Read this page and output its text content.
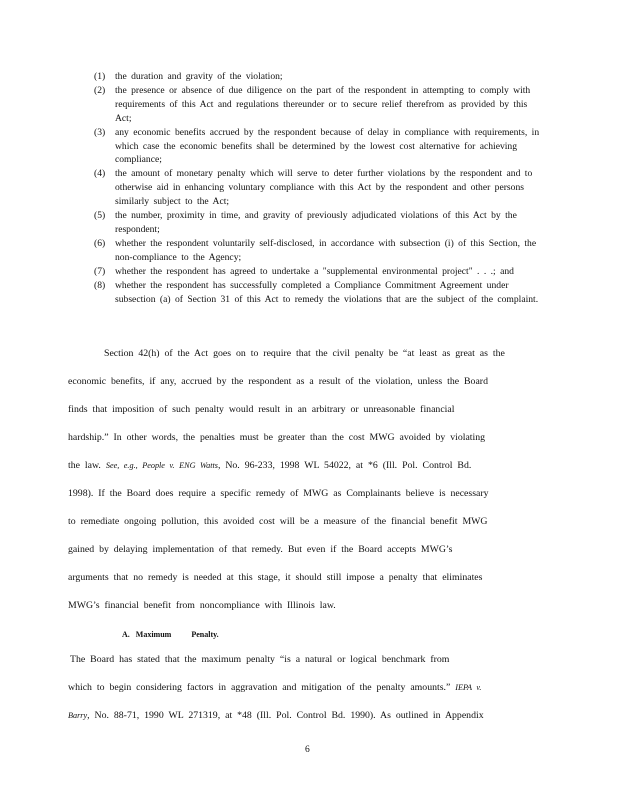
(1) the duration and gravity of the violation;
(2) the presence or absence of due diligence on the part of the respondent in attempting to comply with requirements of this Act and regulations thereunder or to secure relief therefrom as provided by this Act;
(3) any economic benefits accrued by the respondent because of delay in compliance with requirements, in which case the economic benefits shall be determined by the lowest cost alternative for achieving compliance;
(4) the amount of monetary penalty which will serve to deter further violations by the respondent and to otherwise aid in enhancing voluntary compliance with this Act by the respondent and other persons similarly subject to the Act;
(5) the number, proximity in time, and gravity of previously adjudicated violations of this Act by the respondent;
(6) whether the respondent voluntarily self-disclosed, in accordance with subsection (i) of this Section, the non-compliance to the Agency;
(7) whether the respondent has agreed to undertake a "supplemental environmental project" . . .; and
(8) whether the respondent has successfully completed a Compliance Commitment Agreement under subsection (a) of Section 31 of this Act to remedy the violations that are the subject of the complaint.
Section 42(h) of the Act goes on to require that the civil penalty be “at least as great as the
economic benefits, if any, accrued by the respondent as a result of the violation, unless the Board
finds that imposition of such penalty would result in an arbitrary or unreasonable financial
hardship.” In other words, the penalties must be greater than the cost MWG avoided by violating
the law. See, e.g., People v. ENG Watts, No. 96-233, 1998 WL 54022, at *6 (Ill. Pol. Control Bd.
1998). If the Board does require a specific remedy of MWG as Complainants believe is necessary
to remediate ongoing pollution, this avoided cost will be a measure of the financial benefit MWG
gained by delaying implementation of that remedy. But even if the Board accepts MWG’s
arguments that no remedy is needed at this stage, it should still impose a penalty that eliminates
MWG’s financial benefit from noncompliance with Illinois law.
A.   Maximum          Penalty.
The Board has stated that the maximum penalty “is a natural or logical benchmark from
which to begin considering factors in aggravation and mitigation of the penalty amounts.” IEPA v.
Barry, No. 88-71, 1990 WL 271319, at *48 (Ill. Pol. Control Bd. 1990). As outlined in Appendix
6
